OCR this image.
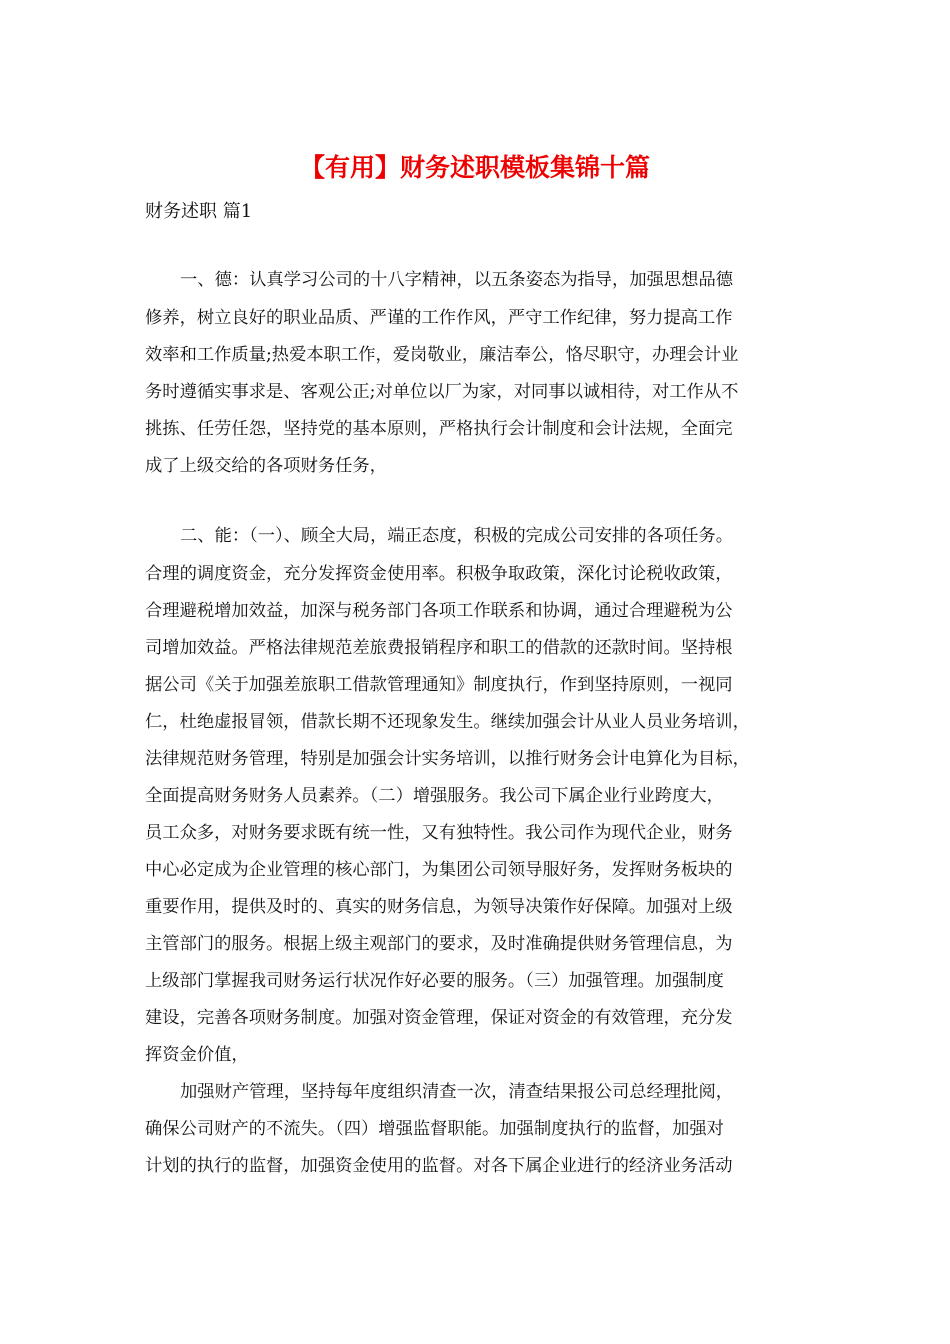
【有用】财务述职模板集锦十篇
财务述职 篇1
一、德：认真学习公司的十八字精神，以五条姿态为指导，加强思想品德
修养，树立良好的职业品质、严谨的工作作风，严守工作纪律，努力提高工作
效率和工作质量;热爱本职工作，爱岗敬业，廉洁奉公，恪尽职守，办理会计业
务时遵循实事求是、客观公正;对单位以厂为家，对同事以诚相待，对工作从不
挑拣、任劳任怨，坚持党的基本原则，严格执行会计制度和会计法规，全面完
成了上级交给的各项财务任务，
二、能：（一）、顾全大局，端正态度，积极的完成公司安排的各项任务。
合理的调度资金，充分发挥资金使用率。积极争取政策，深化讨论税收政策，
合理避税增加效益，加深与税务部门各项工作联系和协调，通过合理避税为公
司增加效益。严格法律规范差旅费报销程序和职工的借款的还款时间。坚持根
据公司《关于加强差旅职工借款管理通知》制度执行，作到坚持原则，一视同
仁，杜绝虚报冒领，借款长期不还现象发生。继续加强会计从业人员业务培训，
法律规范财务管理，特别是加强会计实务培训，以推行财务会计电算化为目标，
全面提高财务财务人员素养。（二）增强服务。我公司下属企业行业跨度大，
员工众多，对财务要求既有统一性，又有独特性。我公司作为现代企业，财务
中心必定成为企业管理的核心部门，为集团公司领导服好务，发挥财务板块的
重要作用，提供及时的、真实的财务信息，为领导决策作好保障。加强对上级
主管部门的服务。根据上级主观部门的要求，及时准确提供财务管理信息，为
上级部门掌握我司财务运行状况作好必要的服务。（三）加强管理。加强制度
建设，完善各项财务制度。加强对资金管理，保证对资金的有效管理，充分发
挥资金价值，
加强财产管理，坚持每年度组织清查一次，清查结果报公司总经理批阅，
确保公司财产的不流失。（四）增强监督职能。加强制度执行的监督，加强对
计划的执行的监督，加强资金使用的监督。对各下属企业进行的经济业务活动
